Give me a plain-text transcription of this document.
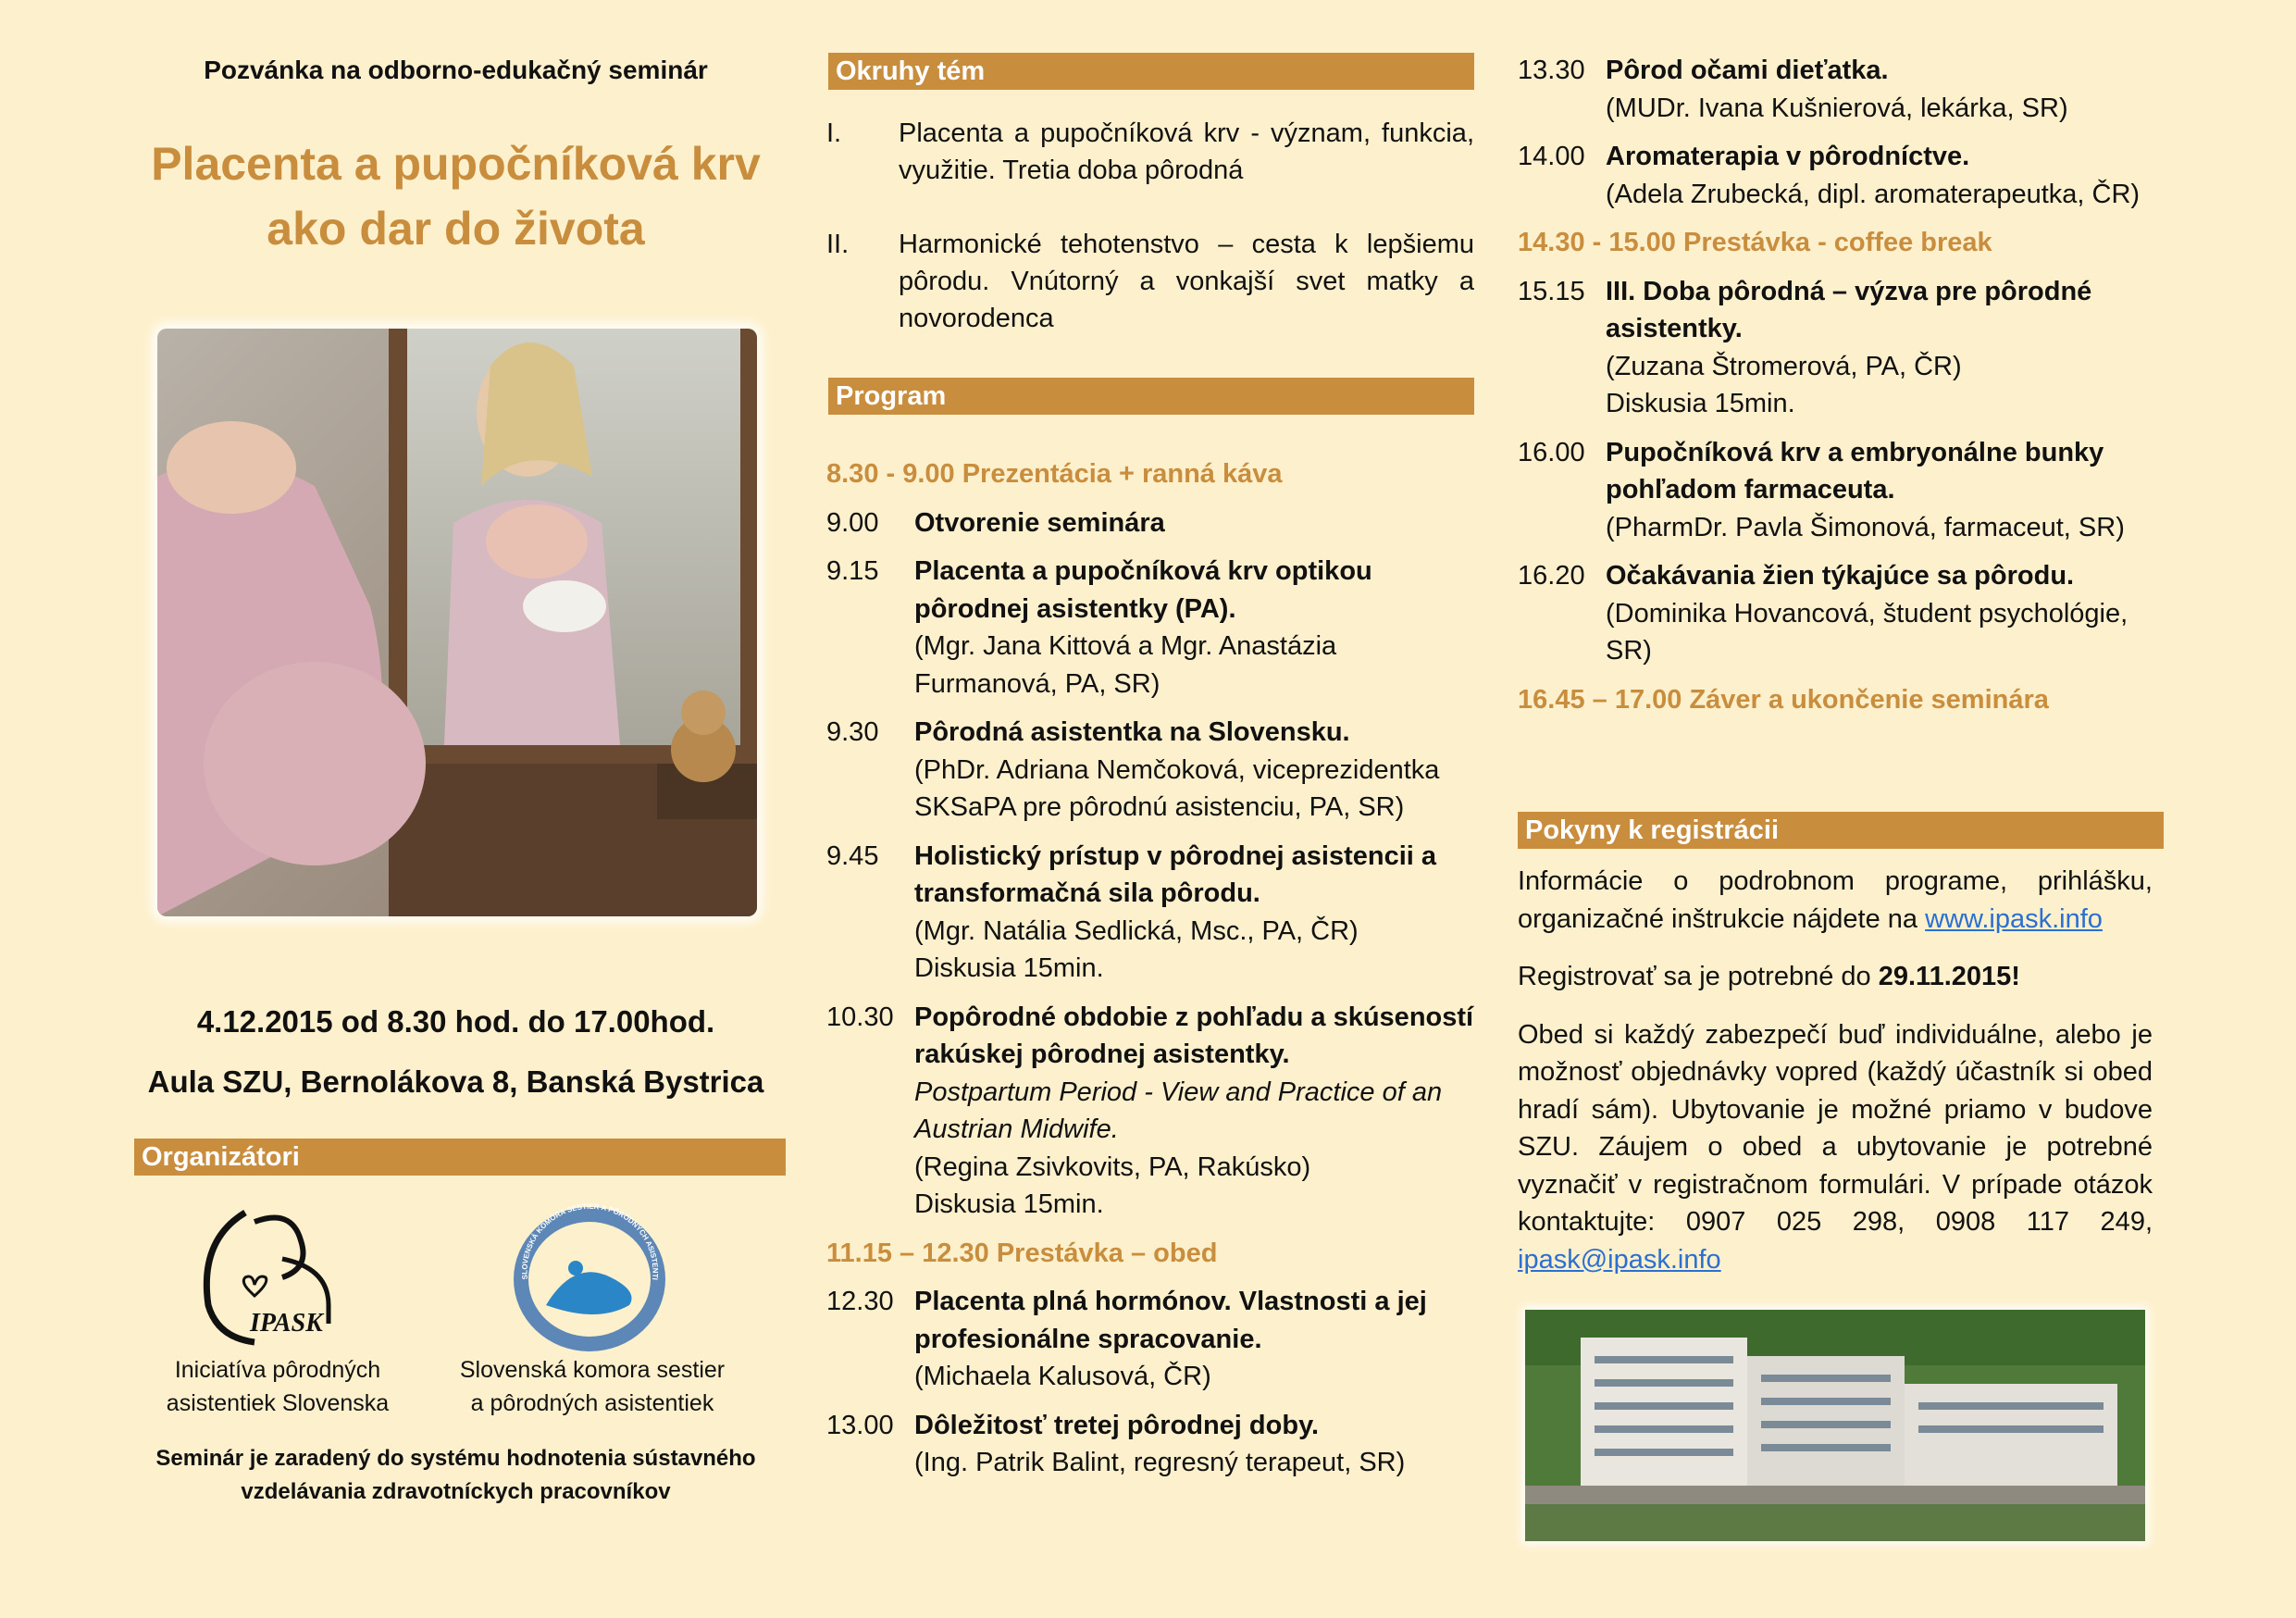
Pozvánka na odborno-edukačný seminár
Placenta a pupočníková krv
ako dar do života
4.12.2015 od 8.30 hod. do 17.00hod.
Aula SZU, Bernolákova 8, Banská Bystrica
Organizátori
IPASK
Iniciatíva pôrodných
asistentiek Slovenska
SLOVENSKÁ KOMORA SESTIER A PÔRODNÝCH ASISTENTI
Slovenská komora sestier
a pôrodných asistentiek
Seminár je zaradený do systému hodnotenia sústavného
vzdelávania zdravotníckych pracovníkov
Okruhy tém
I.	Placenta a pupočníková krv - význam, funkcia, využitie. Tretia doba pôrodná
II.	Harmonické tehotenstvo – cesta k lepšiemu pôrodu. Vnútorný a vonkajší svet matky a novorodenca
Program
8.30 - 9.00 Prezentácia + ranná káva
9.00	Otvorenie seminára
9.15	Placenta a pupočníková krv optikou pôrodnej asistentky (PA).
(Mgr. Jana Kittová a Mgr. Anastázia Furmanová, PA, SR)
9.30	Pôrodná asistentka na Slovensku.
(PhDr. Adriana Nemčoková, viceprezidentka SKSaPA pre pôrodnú asistenciu, PA, SR)
9.45	Holistický prístup v pôrodnej asistencii a transformačná sila pôrodu.
(Mgr. Natália Sedlická, Msc., PA, ČR)
Diskusia 15min.
10.30 Popôrodné obdobie z pohľadu a skúseností rakúskej pôrodnej asistentky.
Postpartum Period - View and Practice of an Austrian Midwife.
(Regina Zsivkovits, PA, Rakúsko)
Diskusia 15min.
11.15 – 12.30 Prestávka – obed
12.30 Placenta plná hormónov. Vlastnosti a jej profesionálne spracovanie.
(Michaela Kalusová, ČR)
13.00 Dôležitosť tretej pôrodnej doby.
(Ing. Patrik Balint, regresný terapeut, SR)
13.30 Pôrod očami dieťatka.
(MUDr. Ivana Kušnierová, lekárka, SR)
14.00 Aromaterapia v pôrodníctve.
(Adela Zrubecká, dipl. aromaterapeutka, ČR)
14.30 - 15.00 Prestávka - coffee break
15.15 III. Doba pôrodná – výzva pre pôrodné asistentky.
(Zuzana Štromerová, PA, ČR)
Diskusia 15min.
16.00 Pupočníková krv a embryonálne bunky pohľadom farmaceuta.
(PharmDr. Pavla Šimonová, farmaceut, SR)
16.20 Očakávania žien týkajúce sa pôrodu.
(Dominika Hovancová, študent psychológie, SR)
16.45 – 17.00 Záver a ukončenie seminára
Pokyny k registrácii

Informácie o podrobnom programe, prihlášku, organizačné inštrukcie nájdete na www.ipask.info

Registrovať sa je potrebné do 29.11.2015!

Obed si každý zabezpečí buď individuálne, alebo je možnosť objednávky vopred (každý účastník si obed hradí sám). Ubytovanie je možné priamo v budove SZU. Záujem o obed a ubytovanie je potrebné vyznačiť v registračnom formulári. V prípade otázok kontaktujte: 0907 025 298, 0908 117 249, ipask@ipask.info
